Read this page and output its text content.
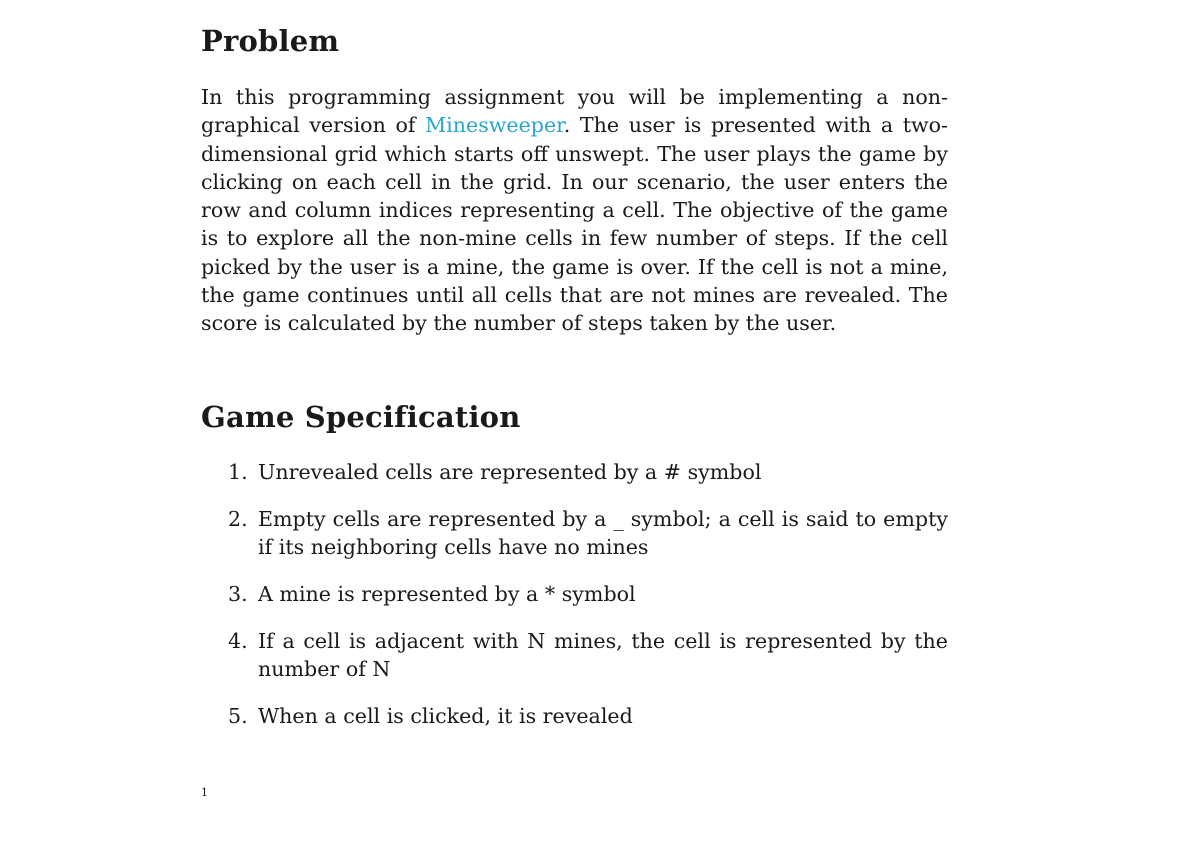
Problem

In this programming assignment you will be implementing a non-graphical version of Minesweeper. The user is presented with a two-dimensional grid which starts off unswept. The user plays the game by clicking on each cell in the grid. In our scenario, the user enters the row and column indices representing a cell. The objective of the game is to explore all the non-mine cells in few number of steps. If the cell picked by the user is a mine, the game is over. If the cell is not a mine, the game continues until all cells that are not mines are revealed. The score is calculated by the number of steps taken by the user.

Game Specification
1. Unrevealed cells are represented by a # symbol
2. Empty cells are represented by a _ symbol; a cell is said to empty if its neighboring cells have no mines
3. A mine is represented by a * symbol
4. If a cell is adjacent with N mines, the cell is represented by the number of N
5. When a cell is clicked, it is revealed
1
